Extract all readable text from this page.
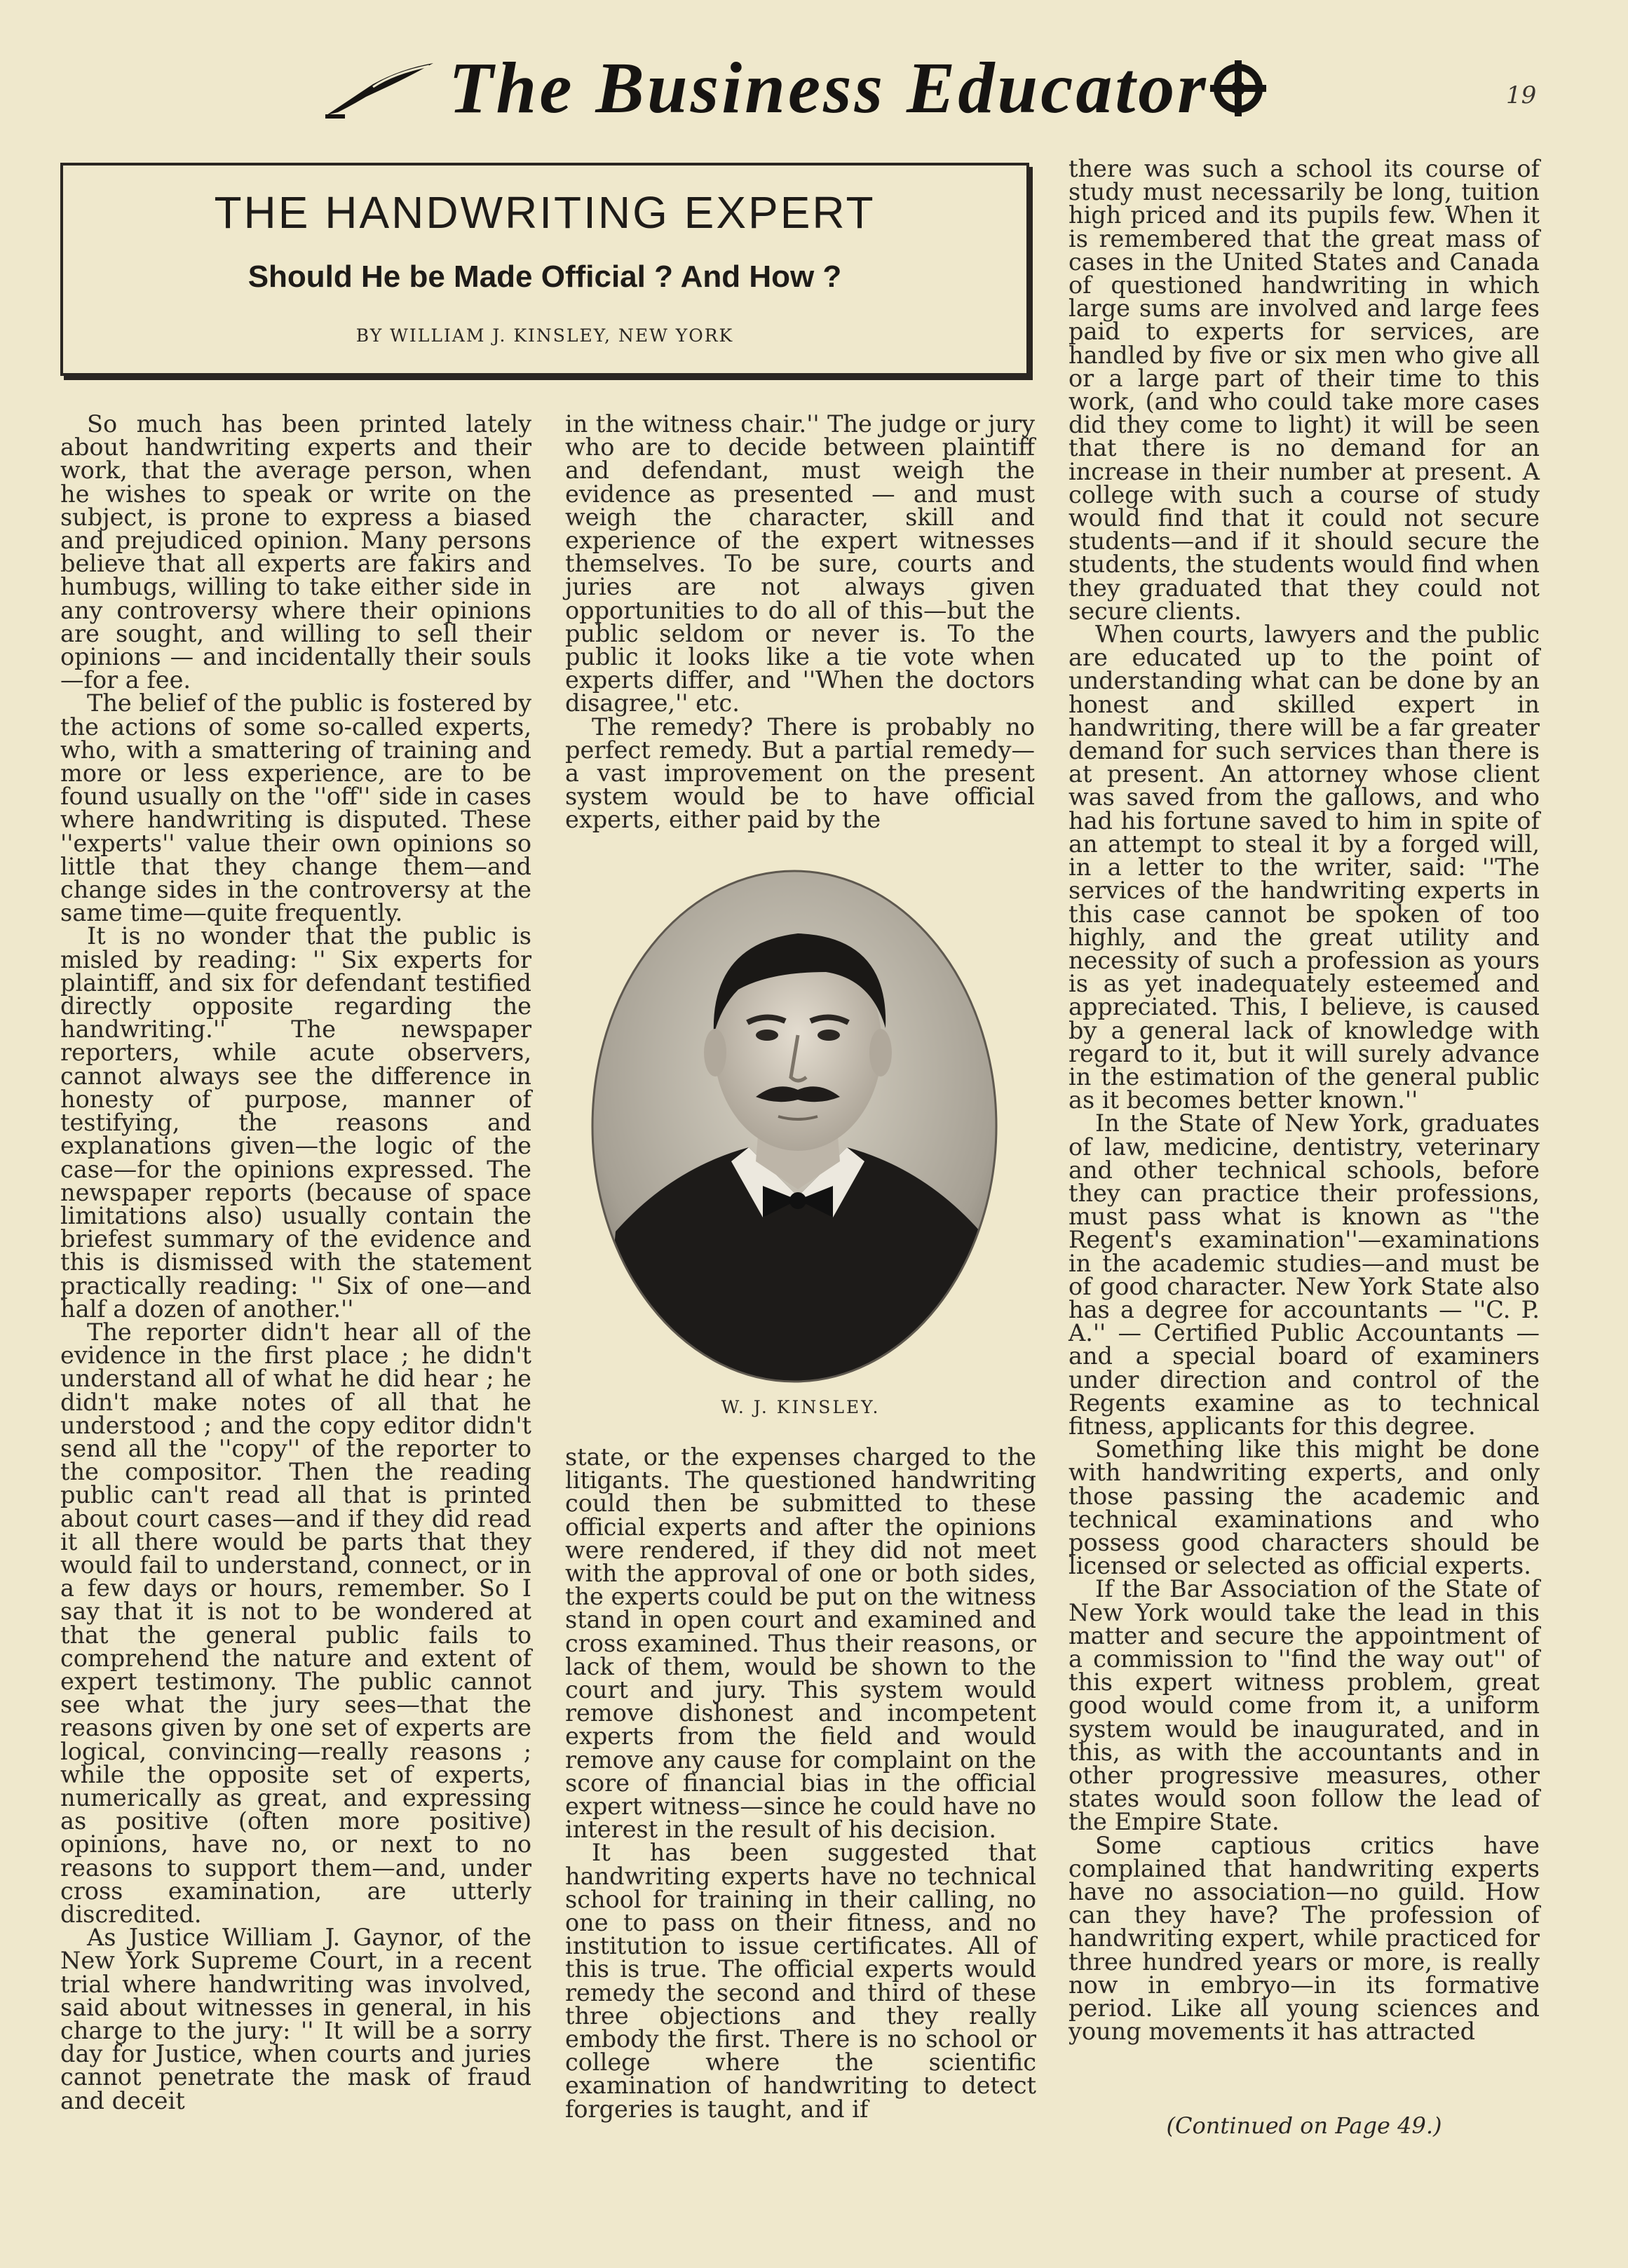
The Business Educator	19
THE HANDWRITING EXPERT
Should He be Made Official ? And How ?
BY WILLIAM J. KINSLEY, NEW YORK

So much has been printed lately about handwriting experts and their work, that the average person, when he wishes to speak or write on the subject, is prone to express a biased and prejudiced opinion. Many persons believe that all experts are fakirs and humbugs, willing to take either side in any controversy where their opinions are sought, and willing to sell their opinions — and incidentally their souls—for a fee.

The belief of the public is fostered by the actions of some so-called experts, who, with a smattering of training and more or less experience, are to be found usually on the ''off'' side in cases where handwriting is disputed. These ''experts'' value their own opinions so little that they change them—and change sides in the controversy at the same time—quite frequently.

It is no wonder that the public is misled by reading: '' Six experts for plaintiff, and six for defendant testified directly opposite regarding the handwriting.'' The newspaper reporters, while acute observers, cannot always see the difference in honesty of purpose, manner of testifying, the reasons and explanations given—the logic of the case—for the opinions expressed. The newspaper reports (because of space limitations also) usually contain the briefest summary of the evidence and this is dismissed with the statement practically reading: '' Six of one—and half a dozen of another.''

The reporter didn't hear all of the evidence in the first place ; he didn't understand all of what he did hear ; he didn't make notes of all that he understood ; and the copy editor didn't send all the ''copy'' of the reporter to the compositor. Then the reading public can't read all that is printed about court cases—and if they did read it all there would be parts that they would fail to understand, connect, or in a few days or hours, remember. So I say that it is not to be wondered at that the general public fails to comprehend the nature and extent of expert testimony. The public cannot see what the jury sees—that the reasons given by one set of experts are logical, convincing—really reasons ; while the opposite set of experts, numerically as great, and expressing as positive (often more positive) opinions, have no, or next to no reasons to support them—and, under cross examination, are utterly discredited.

As Justice William J. Gaynor, of the New York Supreme Court, in a recent trial where handwriting was involved, said about witnesses in general, in his charge to the jury: '' It will be a sorry day for Justice, when courts and juries cannot penetrate the mask of fraud and deceit

in the witness chair.'' The judge or jury who are to decide between plaintiff and defendant, must weigh the evidence as presented — and must weigh the character, skill and experience of the expert witnesses themselves. To be sure, courts and juries are not always given opportunities to do all of this—but the public seldom or never is. To the public it looks like a tie vote when experts differ, and ''When the doctors disagree,'' etc.

The remedy? There is probably no perfect remedy. But a partial remedy—a vast improvement on the present system would be to have official experts, either paid by the

W. J. KINSLEY.

state, or the expenses charged to the litigants. The questioned handwriting could then be submitted to these official experts and after the opinions were rendered, if they did not meet with the approval of one or both sides, the experts could be put on the witness stand in open court and examined and cross examined. Thus their reasons, or lack of them, would be shown to the court and jury. This system would remove dishonest and incompetent experts from the field and would remove any cause for complaint on the score of financial bias in the official expert witness—since he could have no interest in the result of his decision.

It has been suggested that handwriting experts have no technical school for training in their calling, no one to pass on their fitness, and no institution to issue certificates. All of this is true. The official experts would remedy the second and third of these three objections and they really embody the first. There is no school or college where the scientific examination of handwriting to detect forgeries is taught, and if

there was such a school its course of study must necessarily be long, tuition high priced and its pupils few. When it is remembered that the great mass of cases in the United States and Canada of questioned handwriting in which large sums are involved and large fees paid to experts for services, are handled by five or six men who give all or a large part of their time to this work, (and who could take more cases did they come to light) it will be seen that there is no demand for an increase in their number at present. A college with such a course of study would find that it could not secure students—and if it should secure the students, the students would find when they graduated that they could not secure clients.

When courts, lawyers and the public are educated up to the point of understanding what can be done by an honest and skilled expert in handwriting, there will be a far greater demand for such services than there is at present. An attorney whose client was saved from the gallows, and who had his fortune saved to him in spite of an attempt to steal it by a forged will, in a letter to the writer, said: ''The services of the handwriting experts in this case cannot be spoken of too highly, and the great utility and necessity of such a profession as yours is as yet inadequately esteemed and appreciated. This, I believe, is caused by a general lack of knowledge with regard to it, but it will surely advance in the estimation of the general public as it becomes better known.''

In the State of New York, graduates of law, medicine, dentistry, veterinary and other technical schools, before they can practice their professions, must pass what is known as ''the Regent's examination''—examinations in the academic studies—and must be of good character. New York State also has a degree for accountants — ''C. P. A.'' — Certified Public Accountants — and a special board of examiners under direction and control of the Regents examine as to technical fitness, applicants for this degree.

Something like this might be done with handwriting experts, and only those passing the academic and technical examinations and who possess good characters should be licensed or selected as official experts.

If the Bar Association of the State of New York would take the lead in this matter and secure the appointment of a commission to ''find the way out'' of this expert witness problem, great good would come from it, a uniform system would be inaugurated, and in this, as with the accountants and in other progressive measures, other states would soon follow the lead of the Empire State.

Some captious critics have complained that handwriting experts have no association—no guild. How can they have? The profession of handwriting expert, while practiced for three hundred years or more, is really now in embryo—in its formative period. Like all young sciences and young movements it has attracted

(Continued on Page 49.)
